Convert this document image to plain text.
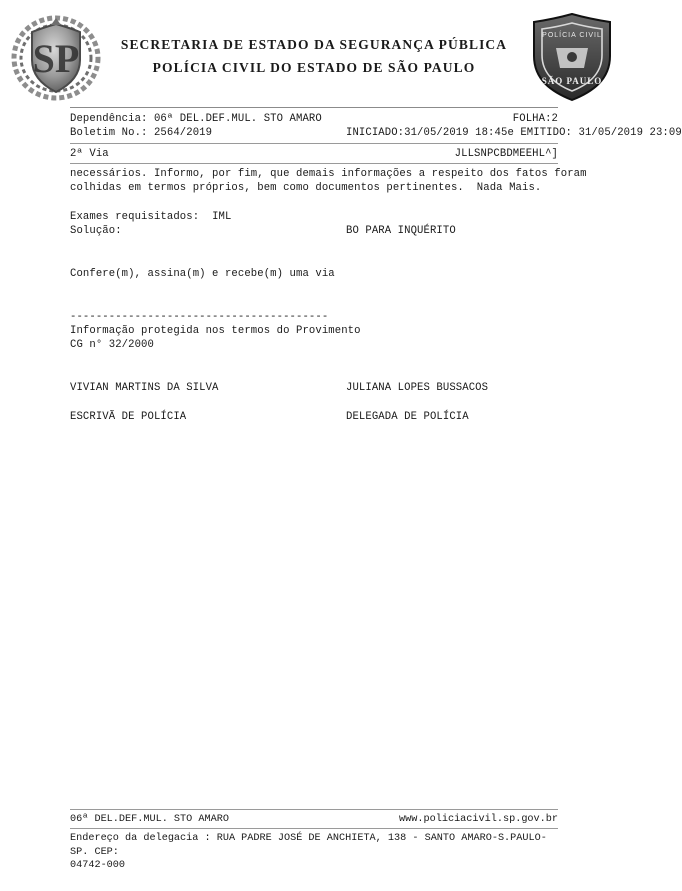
SP	SECRETARIA DE ESTADO DA SEGURANÇA PÚBLICA
POLÍCIA CIVIL DO ESTADO DE SÃO PAULO
POLÍCIA CIVIL
SÃO PAULO
Dependência: 06ª DEL.DEF.MUL. STO AMARO	FOLHA:2
Boletim No.: 2564/2019	INICIADO:31/05/2019 18:45 e EMITIDO:
31/05/2019 23:09
2ª Via	JLLSNPCBDMEEHL^]
necessários. Informo, por fim, que demais informações a respeito dos fatos foram
colhidas em termos próprios, bem como documentos pertinentes.  Nada Mais.
Exames requisitados:
IML
Solução:	BO PARA INQUÉRITO
Confere(m), assina(m) e recebe(m) uma via
----------------------------------------
Informação protegida nos termos do Provimento
CG n° 32/2000
VIVIAN MARTINS DA SILVA	JULIANA LOPES BUSSACOS
ESCRIVÃ DE POLÍCIA	DELEGADA DE POLÍCIA
06ª DEL.DEF.MUL. STO AMARO	www.policiacivil.sp.gov.br
Endereço da delegacia : RUA PADRE JOSÉ DE ANCHIETA, 138 - SANTO AMARO-S.PAULO-SP. CEP:
04742-000
